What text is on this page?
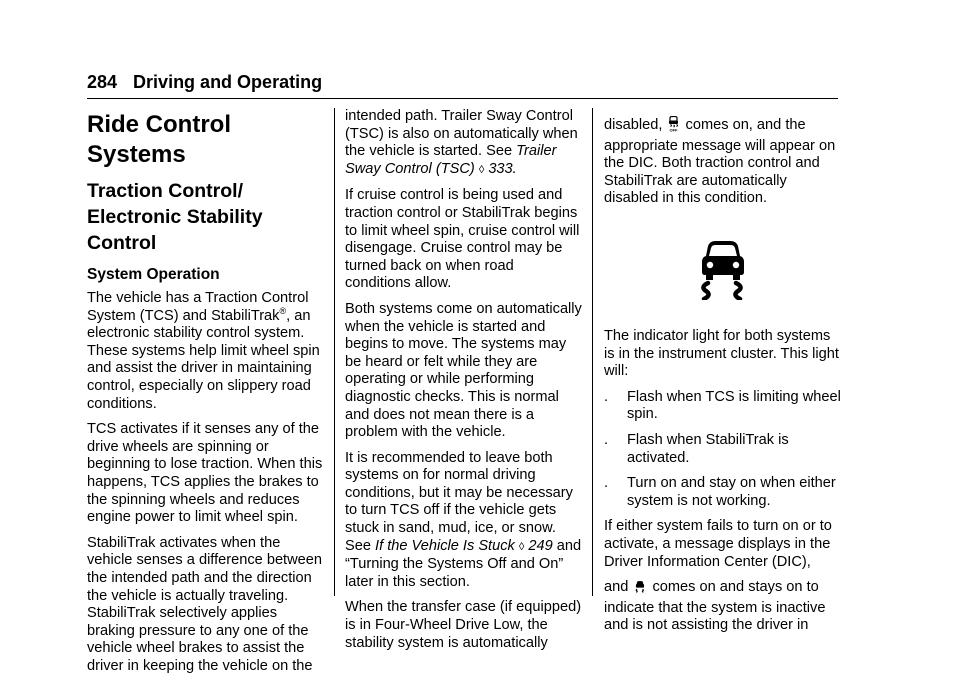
284 Driving and Operating
Ride Control Systems
Traction Control/ Electronic Stability Control
System Operation

The vehicle has a Traction Control System (TCS) and StabiliTrak®, an electronic stability control system. These systems help limit wheel spin and assist the driver in maintaining control, especially on slippery road conditions.

TCS activates if it senses any of the drive wheels are spinning or beginning to lose traction. When this happens, TCS applies the brakes to the spinning wheels and reduces engine power to limit wheel spin.

StabiliTrak activates when the vehicle senses a difference between the intended path and the direction the vehicle is actually traveling. StabiliTrak selectively applies braking pressure to any one of the vehicle wheel brakes to assist the driver in keeping the vehicle on the

intended path. Trailer Sway Control (TSC) is also on automatically when the vehicle is started. See Trailer Sway Control (TSC) ◊ 333.

If cruise control is being used and traction control or StabiliTrak begins to limit wheel spin, cruise control will disengage. Cruise control may be turned back on when road conditions allow.

Both systems come on automatically when the vehicle is started and begins to move. The systems may be heard or felt while they are operating or while performing diagnostic checks. This is normal and does not mean there is a problem with the vehicle.

It is recommended to leave both systems on for normal driving conditions, but it may be necessary to turn TCS off if the vehicle gets stuck in sand, mud, ice, or snow. See If the Vehicle Is Stuck ◊ 249 and “Turning the Systems Off and On” later in this section.

When the transfer case (if equipped) is in Four-Wheel Drive Low, the stability system is automatically

disabled, OFF comes on, and the appropriate message will appear on the DIC. Both traction control and StabiliTrak are automatically disabled in this condition.

The indicator light for both systems is in the instrument cluster. This light will:

. Flash when TCS is limiting wheel spin.
. Flash when StabiliTrak is activated.
. Turn on and stay on when either system is not working.

If either system fails to turn on or to activate, a message displays in the Driver Information Center (DIC),

and  comes on and stays on to indicate that the system is inactive and is not assisting the driver in
